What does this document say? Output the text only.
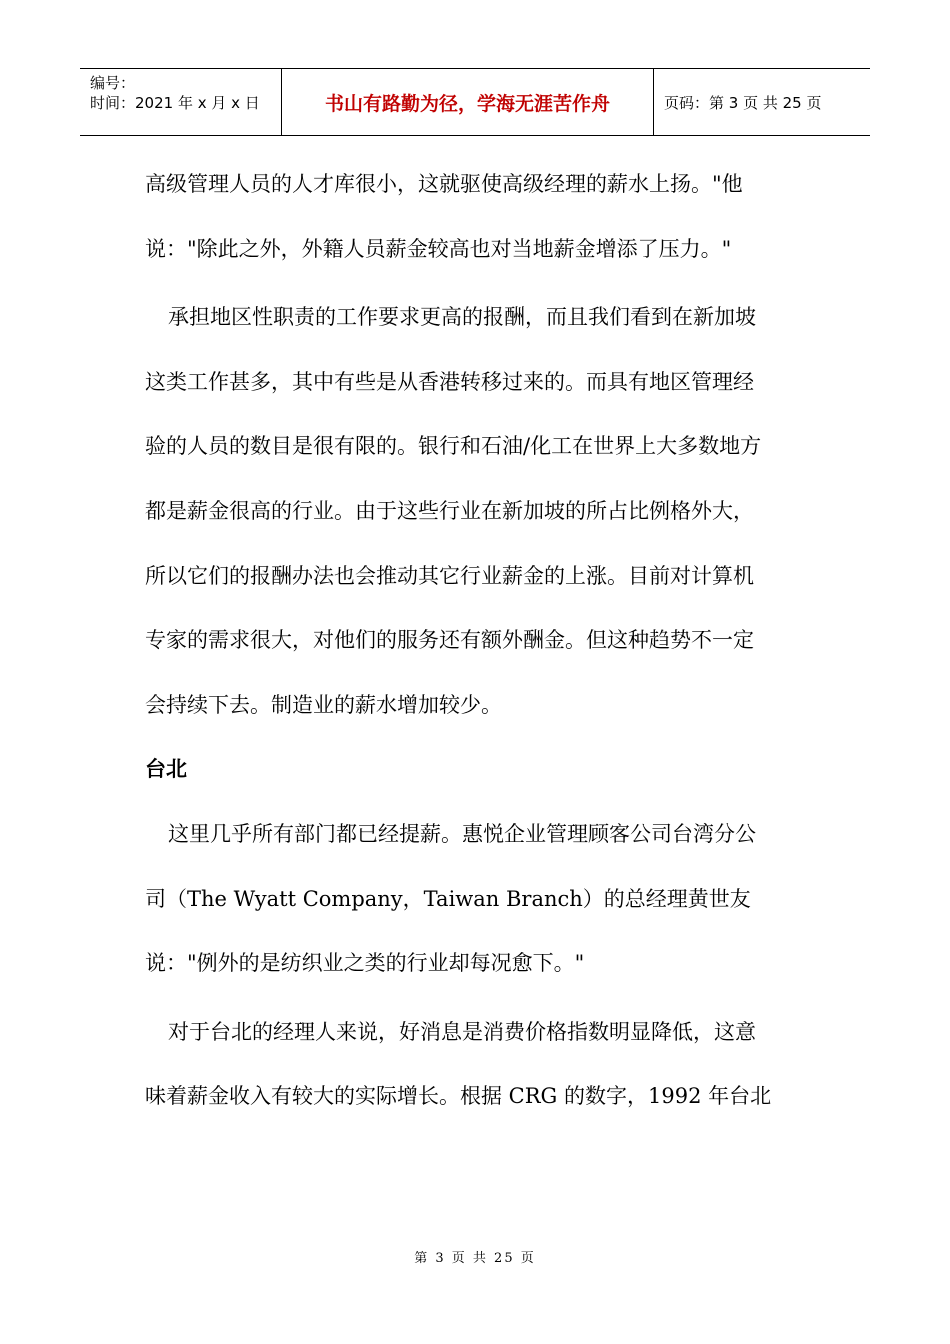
编号：
时间：2021 年 x 月 x 日	书山有路勤为径，学海无涯苦作舟	页码：第 3 页 共 25 页
高级管理人员的人才库很小，这就驱使高级经理的薪水上扬。"他
说："除此之外，外籍人员薪金较高也对当地薪金增添了压力。"
承担地区性职责的工作要求更高的报酬，而且我们看到在新加坡
这类工作甚多，其中有些是从香港转移过来的。而具有地区管理经
验的人员的数目是很有限的。银行和石油/化工在世界上大多数地方
都是薪金很高的行业。由于这些行业在新加坡的所占比例格外大，
所以它们的报酬办法也会推动其它行业薪金的上涨。目前对计算机
专家的需求很大，对他们的服务还有额外酬金。但这种趋势不一定
会持续下去。制造业的薪水增加较少。
台北
这里几乎所有部门都已经提薪。惠悦企业管理顾客公司台湾分公
司（The Wyatt Company，Taiwan Branch）的总经理黄世友
说："例外的是纺织业之类的行业却每况愈下。"
对于台北的经理人来说，好消息是消费价格指数明显降低，这意
味着薪金收入有较大的实际增长。根据 CRG 的数字，1992 年台北
第 3 页 共 25 页
